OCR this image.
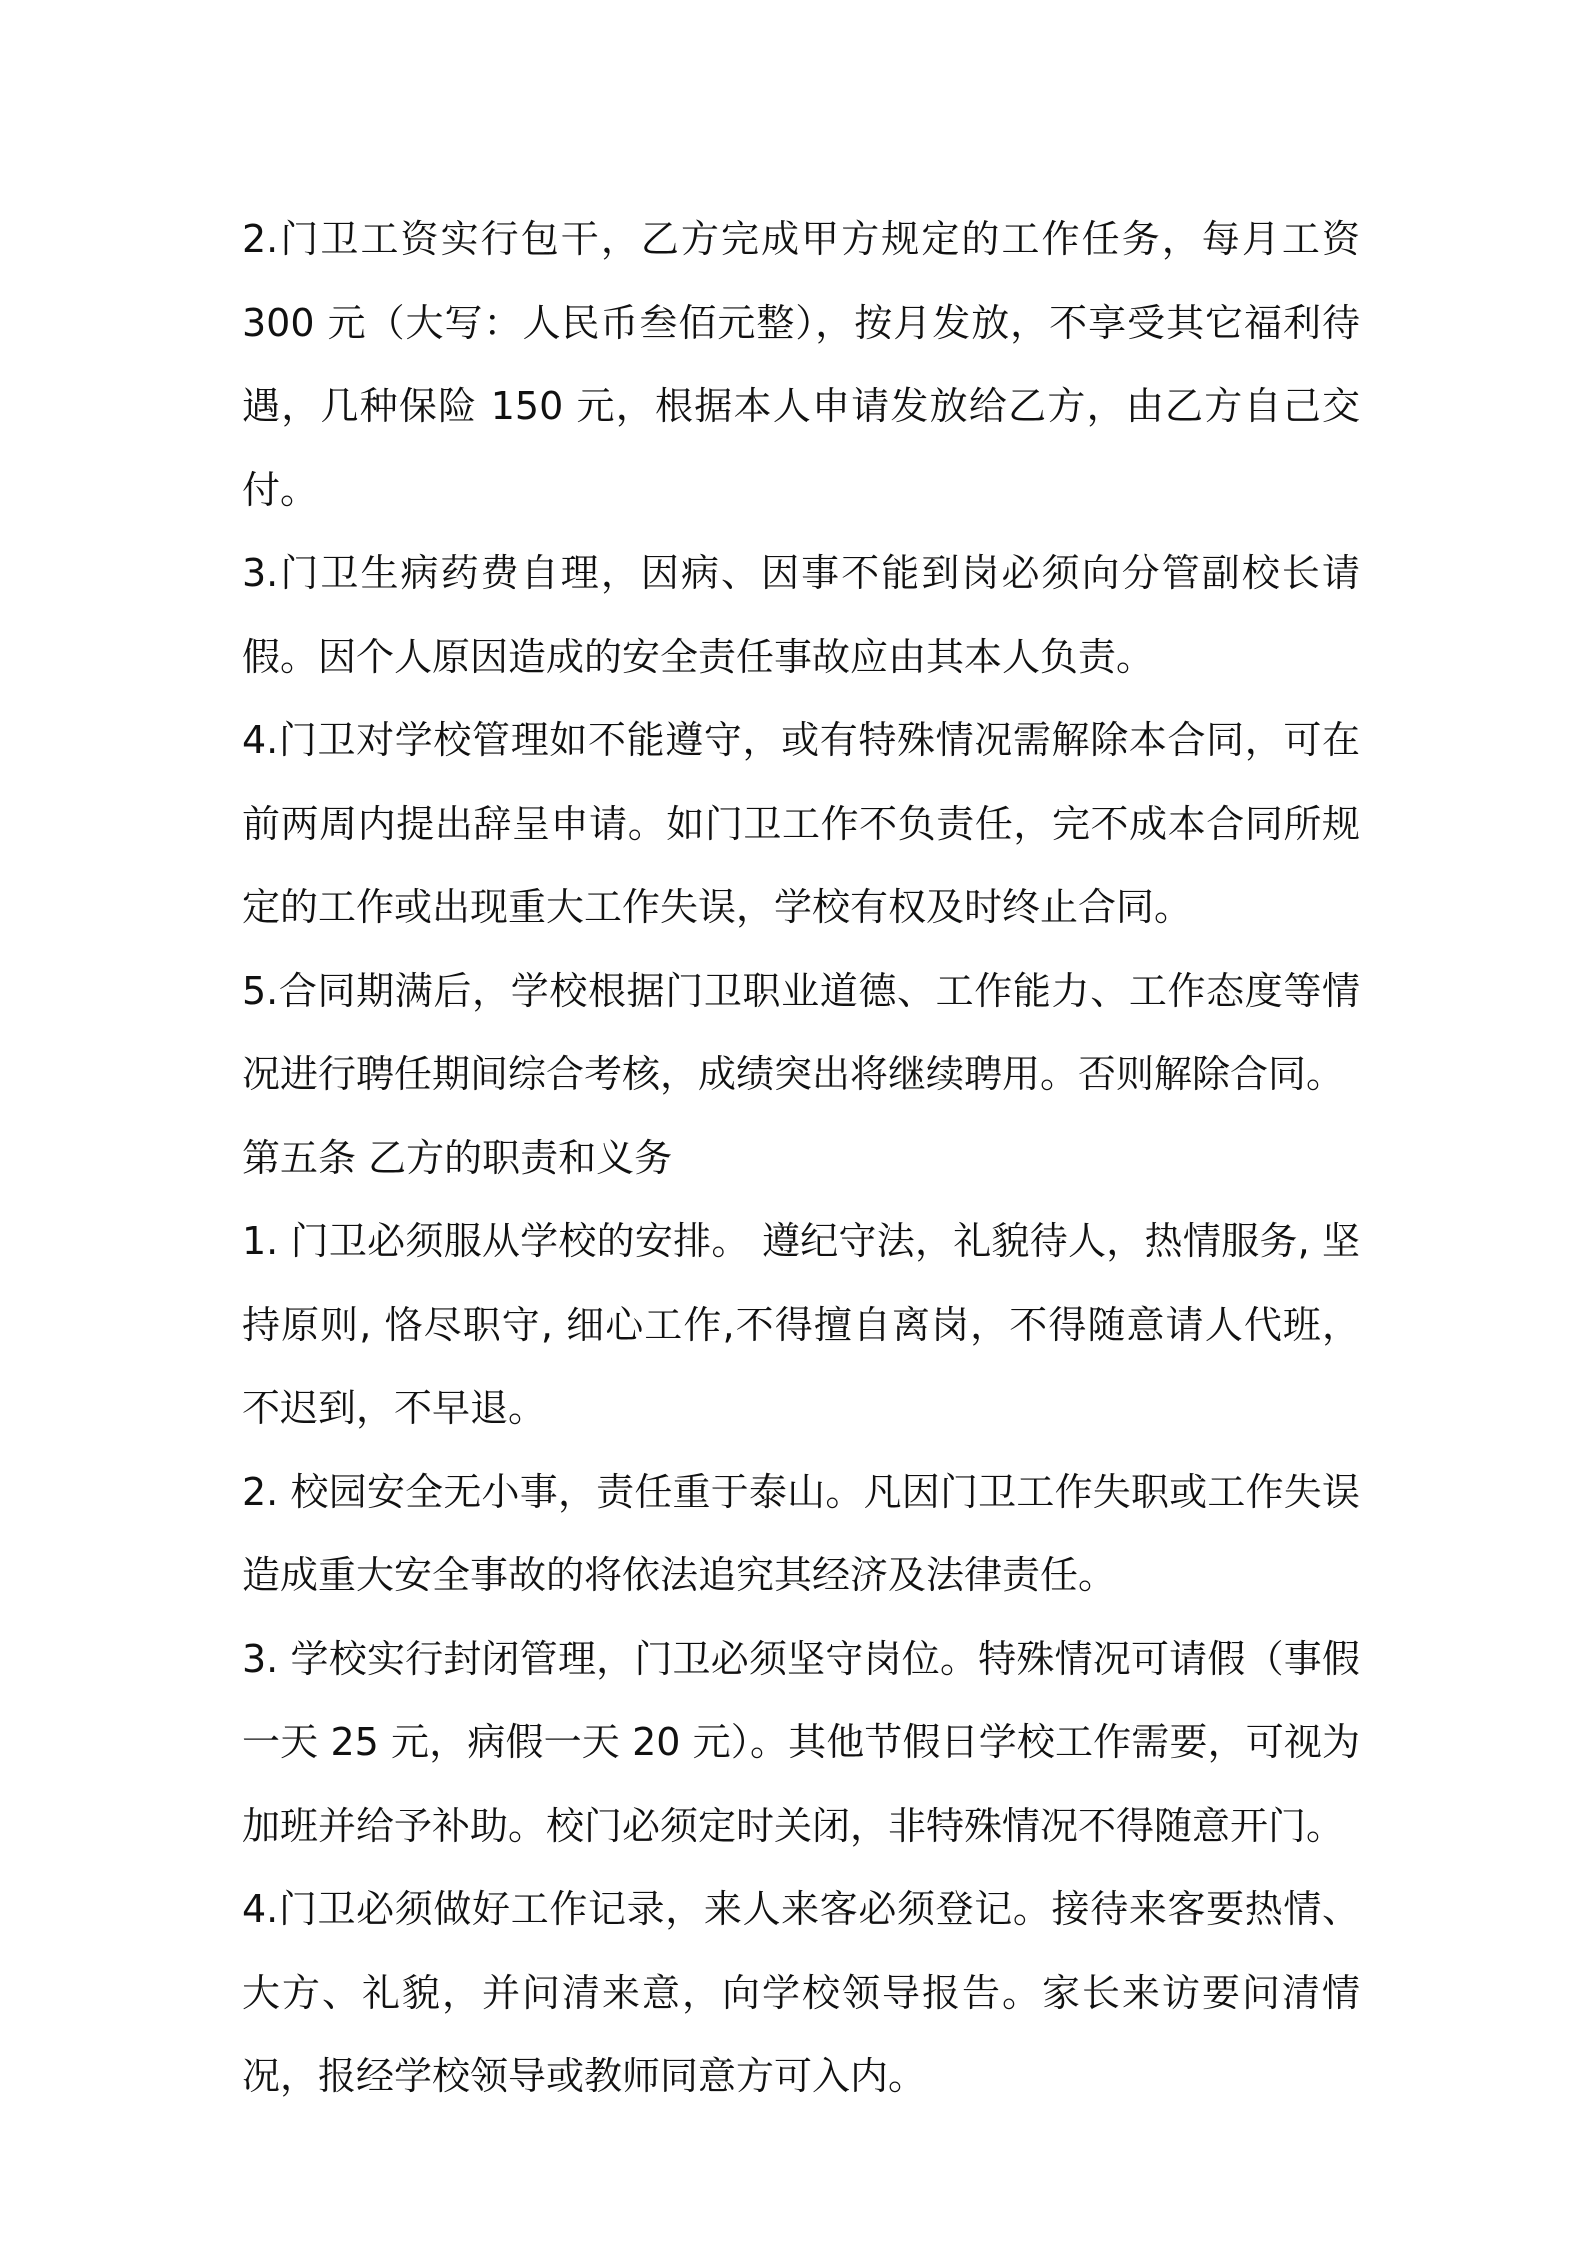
2.门卫工资实行包干，乙方完成甲方规定的工作任务，每月工资 300 元（大写：人民币叁佰元整），按月发放，不享受其它福利待遇，几种保险 150 元，根据本人申请发放给乙方，由乙方自己交付。

3.门卫生病药费自理，因病、因事不能到岗必须向分管副校长请假。因个人原因造成的安全责任事故应由其本人负责。

4.门卫对学校管理如不能遵守，或有特殊情况需解除本合同，可在前两周内提出辞呈申请。如门卫工作不负责任，完不成本合同所规定的工作或出现重大工作失误，学校有权及时终止合同。

5.合同期满后，学校根据门卫职业道德、工作能力、工作态度等情况进行聘任期间综合考核，成绩突出将继续聘用。否则解除合同。

第五条 乙方的职责和义务

1. 门卫必须服从学校的安排。 遵纪守法，礼貌待人，热情服务, 坚持原则, 恪尽职守, 细心工作,不得擅自离岗，不得随意请人代班，不迟到，不早退。

2. 校园安全无小事，责任重于泰山。凡因门卫工作失职或工作失误造成重大安全事故的将依法追究其经济及法律责任。

3. 学校实行封闭管理，门卫必须坚守岗位。特殊情况可请假（事假一天 25 元，病假一天 20 元）。其他节假日学校工作需要，可视为加班并给予补助。校门必须定时关闭，非特殊情况不得随意开门。

4.门卫必须做好工作记录，来人来客必须登记。接待来客要热情、大方、礼貌，并问清来意，向学校领导报告。家长来访要问清情况，报经学校领导或教师同意方可入内。
